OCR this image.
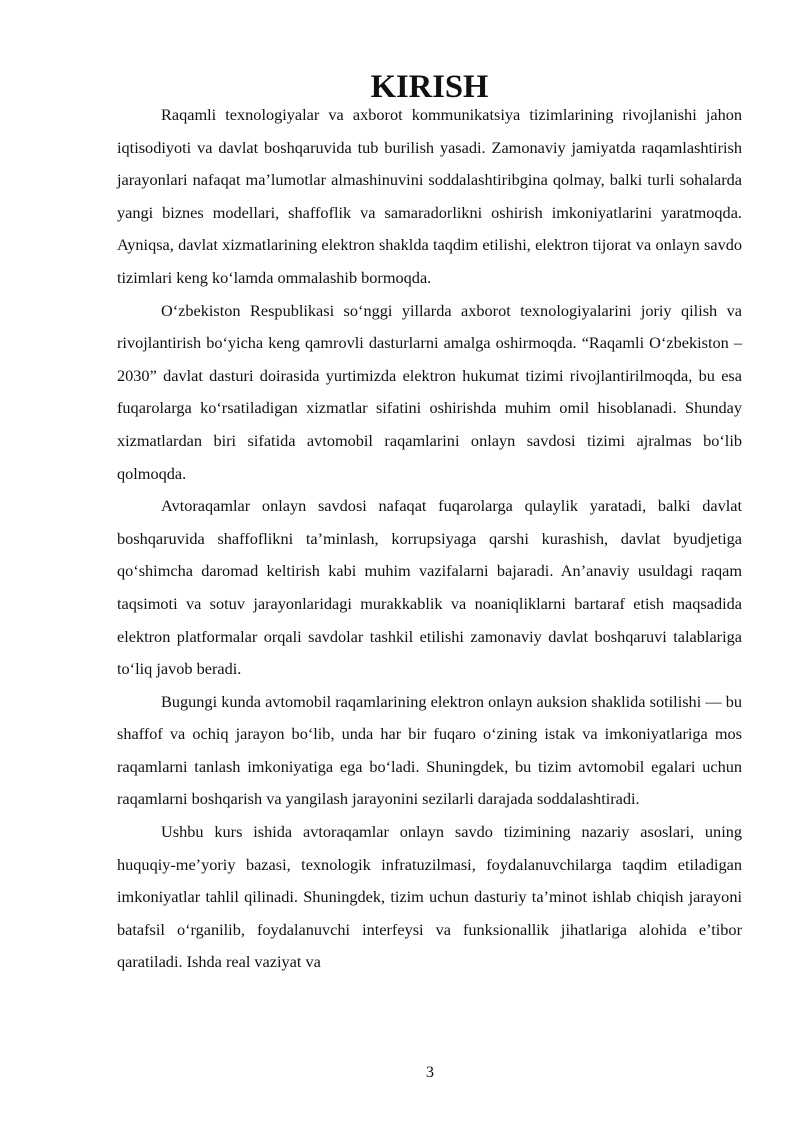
KIRISH

Raqamli texnologiyalar va axborot kommunikatsiya tizimlarining rivojlanishi jahon iqtisodiyoti va davlat boshqaruvida tub burilish yasadi. Zamonaviy jamiyatda raqamlashtirish jarayonlari nafaqat ma’lumotlar almashinuvini soddalashtiribgina qolmay, balki turli sohalarda yangi biznes modellari, shaffoflik va samaradorlikni oshirish imkoniyatlarini yaratmoqda. Ayniqsa, davlat xizmatlarining elektron shaklda taqdim etilishi, elektron tijorat va onlayn savdo tizimlari keng ko‘lamda ommalashib bormoqda.

O‘zbekiston Respublikasi so‘nggi yillarda axborot texnologiyalarini joriy qilish va rivojlantirish bo‘yicha keng qamrovli dasturlarni amalga oshirmoqda. “Raqamli O‘zbekiston – 2030” davlat dasturi doirasida yurtimizda elektron hukumat tizimi rivojlantirilmoqda, bu esa fuqarolarga ko‘rsatiladigan xizmatlar sifatini oshirishda muhim omil hisoblanadi. Shunday xizmatlardan biri sifatida avtomobil raqamlarini onlayn savdosi tizimi ajralmas bo‘lib qolmoqda.

Avtoraqamlar onlayn savdosi nafaqat fuqarolarga qulaylik yaratadi, balki davlat boshqaruvida shaffoflikni ta’minlash, korrupsiyaga qarshi kurashish, davlat byudjetiga qo‘shimcha daromad keltirish kabi muhim vazifalarni bajaradi. An’anaviy usuldagi raqam taqsimoti va sotuv jarayonlaridagi murakkablik va noaniqliklarni bartaraf etish maqsadida elektron platformalar orqali savdolar tashkil etilishi zamonaviy davlat boshqaruvi talablariga to‘liq javob beradi.

Bugungi kunda avtomobil raqamlarining elektron onlayn auksion shaklida sotilishi — bu shaffof va ochiq jarayon bo‘lib, unda har bir fuqaro o‘zining istak va imkoniyatlariga mos raqamlarni tanlash imkoniyatiga ega bo‘ladi. Shuningdek, bu tizim avtomobil egalari uchun raqamlarni boshqarish va yangilash jarayonini sezilarli darajada soddalashtiradi.

Ushbu kurs ishida avtoraqamlar onlayn savdo tizimining nazariy asoslari, uning huquqiy-me’yoriy bazasi, texnologik infratuzilmasi, foydalanuvchilarga taqdim etiladigan imkoniyatlar tahlil qilinadi. Shuningdek, tizim uchun dasturiy ta’minot ishlab chiqish jarayoni batafsil o‘rganilib, foydalanuvchi interfeysi va funksionallik jihatlariga alohida e’tibor qaratiladi. Ishda real vaziyat va

3
